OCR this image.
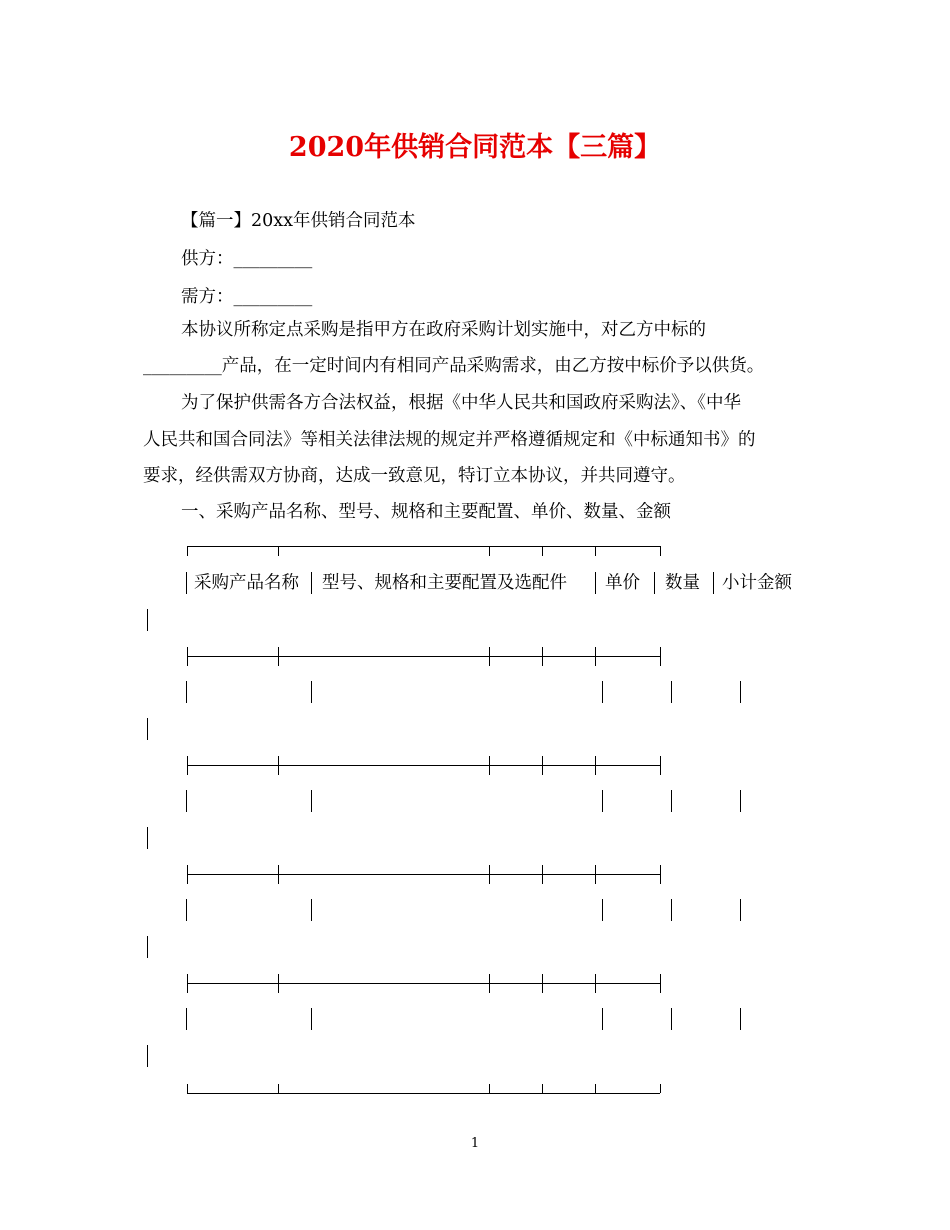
2020年供销合同范本【三篇】
【篇一】20xx年供销合同范本
供方：_________
需方：_________
本协议所称定点采购是指甲方在政府采购计划实施中，对乙方中标的
_________产品，在一定时间内有相同产品采购需求，由乙方按中标价予以供货。
为了保护供需各方合法权益，根据《中华人民共和国政府采购法》、《中华
人民共和国合同法》等相关法律法规的规定并严格遵循规定和《中标通知书》的
要求，经供需双方协商，达成一致意见，特订立本协议，并共同遵守。
一、采购产品名称、型号、规格和主要配置、单价、数量、金额
采购产品名称 型号、规格和主要配置及选配件 单价 数量 小计金额
1
